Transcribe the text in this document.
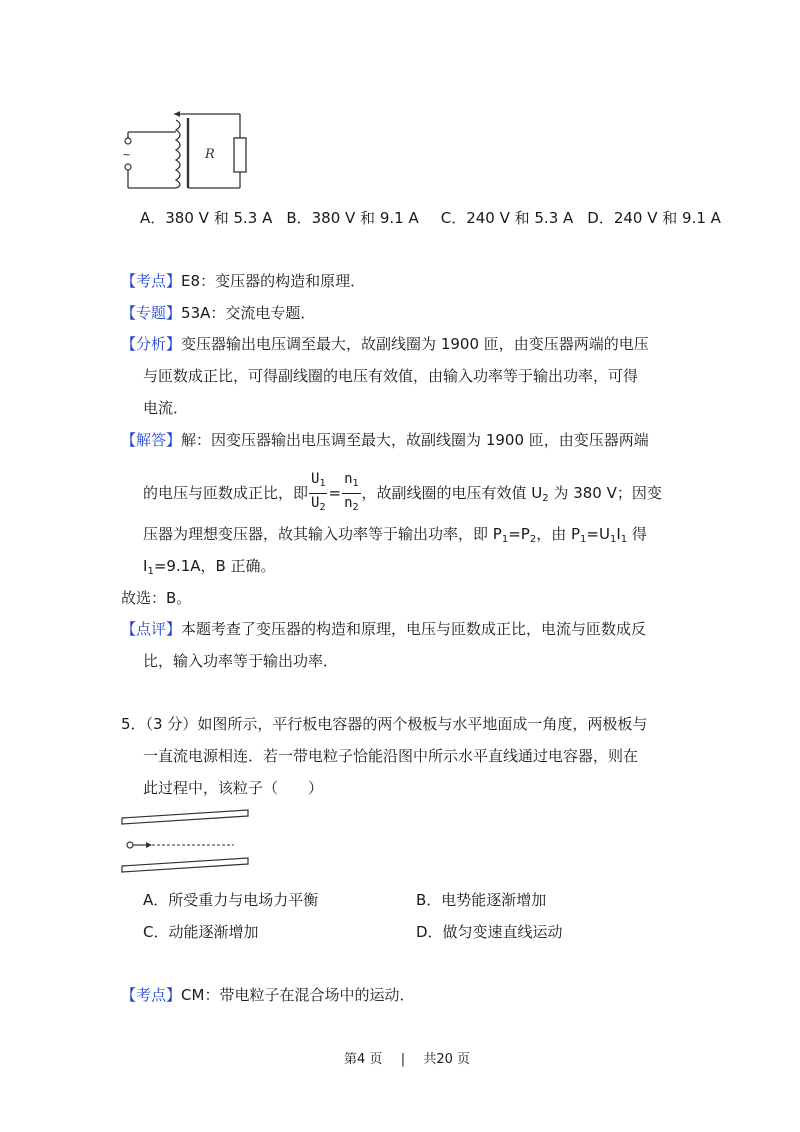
~	R
A．380 V 和 5.3 A B．380 V 和 9.1 A C．240 V 和 5.3 A D．240 V 和 9.1 A
【考点】E8：变压器的构造和原理．
【专题】53A：交流电专题．
【分析】变压器输出电压调至最大，故副线圈为 1900 匝，由变压器两端的电压
与匝数成正比，可得副线圈的电压有效值，由输入功率等于输出功率，可得
电流．
【解答】解：因变压器输出电压调至最大，故副线圈为 1900 匝，由变压器两端
的电压与匝数成正比，即 $\frac{U_1}{U_2} = \frac{n_1}{n_2}$ ，故副线圈的电压有效值 $U_2$ 为 380 V；因变
压器为理想变压器，故其输入功率等于输出功率，即 $P_1=P_2$，由 $P_1=U_1I_1$ 得
$I_1=9.1A$，B 正确。
故选：B。
【点评】本题考查了变压器的构造和原理，电压与匝数成正比，电流与匝数成反
比，输入功率等于输出功率．
5．（3 分）如图所示，平行板电容器的两个极板与水平地面成一角度，两极板与
一直流电源相连．若一带电粒子恰能沿图中所示水平直线通过电容器，则在
此过程中，该粒子（　　）
A．所受重力与电场力平衡	B．电势能逐渐增加
C．动能逐渐增加	D．做匀变速直线运动
【考点】CM：带电粒子在混合场中的运动．
第4 页 | 共20 页
